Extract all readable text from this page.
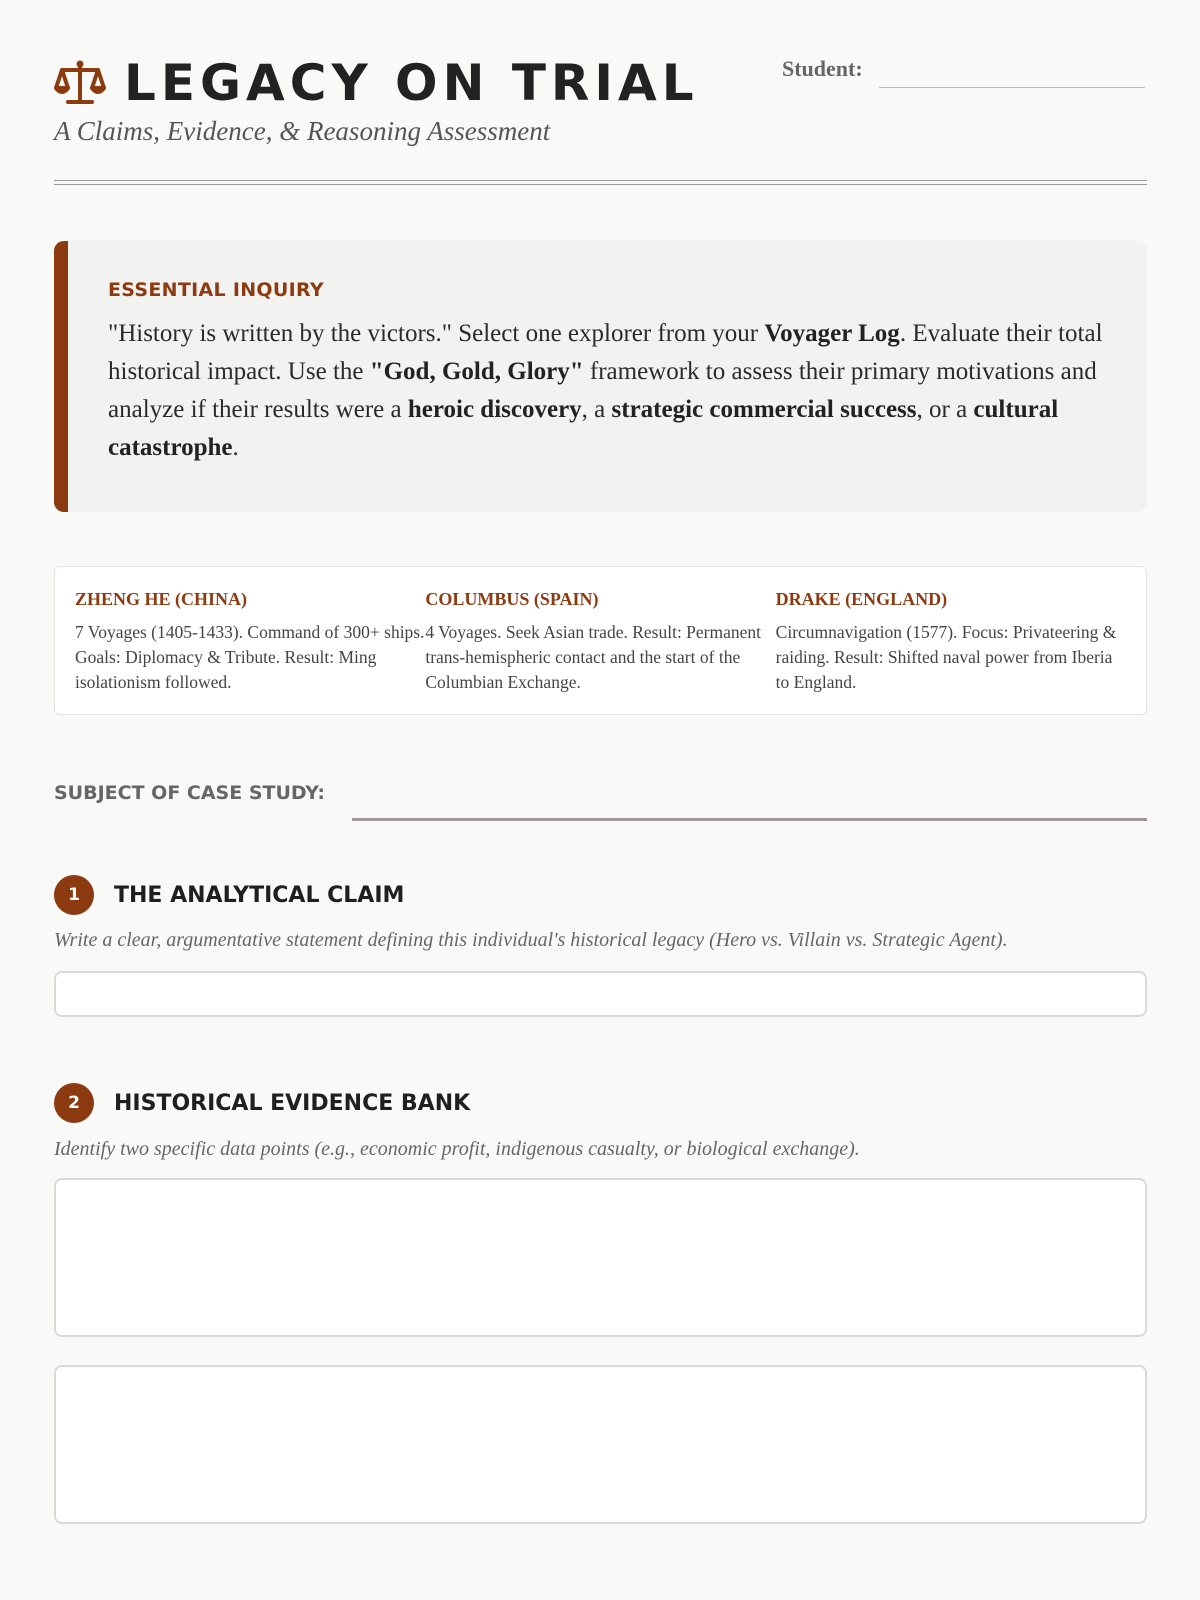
LEGACY ON TRIAL
A Claims, Evidence, & Reasoning Assessment
Student:
ESSENTIAL INQUIRY
"History is written by the victors." Select one explorer from your Voyager Log. Evaluate their total historical impact. Use the "God, Gold, Glory" framework to assess their primary motivations and analyze if their results were a heroic discovery, a strategic commercial success, or a cultural catastrophe.
ZHENG HE (CHINA)
7 Voyages (1405-1433). Command of 300+ ships. Goals: Diplomacy & Tribute. Result: Ming isolationism followed.
COLUMBUS (SPAIN)
4 Voyages. Seek Asian trade. Result: Permanent trans-hemispheric contact and the start of the Columbian Exchange.
DRAKE (ENGLAND)
Circumnavigation (1577). Focus: Privateering & raiding. Result: Shifted naval power from Iberia to England.
SUBJECT OF CASE STUDY:
1	THE ANALYTICAL CLAIM
Write a clear, argumentative statement defining this individual's historical legacy (Hero vs. Villain vs. Strategic Agent).
2	HISTORICAL EVIDENCE BANK
Identify two specific data points (e.g., economic profit, indigenous casualty, or biological exchange).
